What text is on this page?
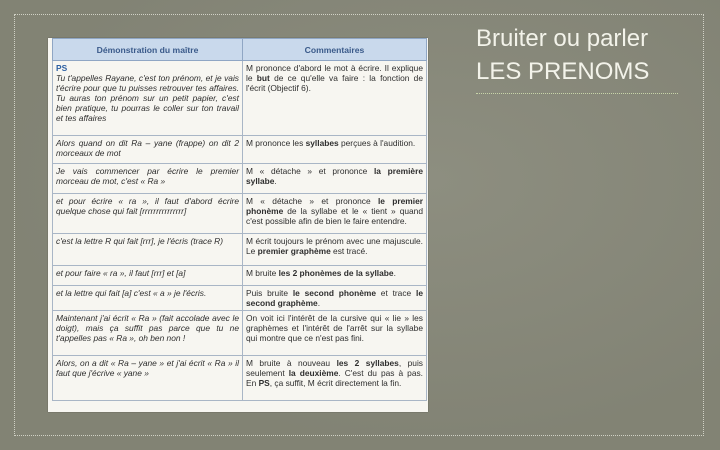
Bruiter ou parler
LES PRENOMS
Démonstration du maître	Commentaires

PS
Tu t'appelles Rayane, c'est ton prénom, et je vais t'écrire pour que tu puisses retrouver tes affaires. Tu auras ton prénom sur un petit papier, c'est bien pratique, tu pourras le coller sur ton travail et tes affaires	M prononce d'abord le mot à écrire. Il explique le but de ce qu'elle va faire : la fonction de l'écrit (Objectif 6).
Alors quand on dit Ra – yane (frappe) on dit 2 morceaux de mot	M prononce les syllabes perçues à l'audition.
Je vais commencer par écrire le premier morceau de mot, c'est « Ra »	M « détache » et prononce la première syllabe.
et pour écrire « ra », il faut d'abord écrire quelque chose qui fait [rrrrrrrrrrrrrrr]	M « détache » et prononce le premier phonème de la syllabe et le « tient » quand c'est possible afin de bien le faire entendre.
c'est la lettre R qui fait [rrr], je l'écris (trace R)	M écrit toujours le prénom avec une majuscule. Le premier graphème est tracé.
et pour faire « ra », il faut [rrr] et [a]	M bruite les 2 phonèmes de la syllabe.
et la lettre qui fait [a] c'est « a » je l'écris.	Puis bruite le second phonème et trace le second graphème.
Maintenant j'ai écrit « Ra » (fait accolade avec le doigt), mais ça suffit pas parce que tu ne t'appelles pas « Ra », oh ben non !	On voit ici l'intérêt de la cursive qui « lie » les graphèmes et l'intérêt de l'arrêt sur la syllabe qui montre que ce n'est pas fini.
Alors, on a dit « Ra – yane » et j'ai écrit « Ra » il faut que j'écrive « yane »	M bruite à nouveau les 2 syllabes, puis seulement la deuxième. C'est du pas à pas. En PS, ça suffit, M écrit directement la fin.
